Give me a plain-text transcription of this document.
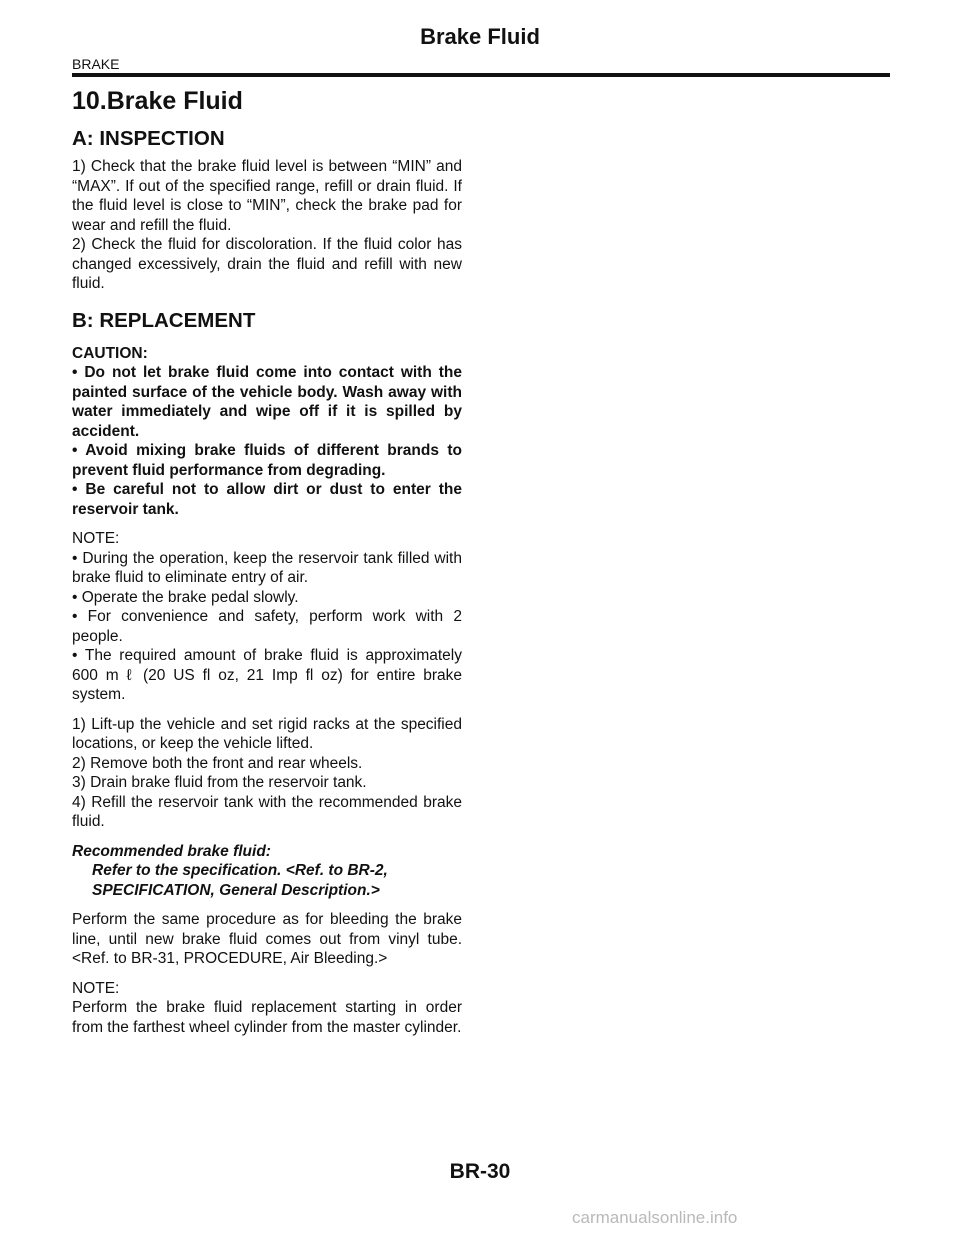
Brake Fluid
BRAKE
10.Brake Fluid
A: INSPECTION

1) Check that the brake fluid level is between “MIN” and “MAX”. If out of the specified range, refill or drain fluid. If the fluid level is close to “MIN”, check the brake pad for wear and refill the fluid.

2) Check the fluid for discoloration. If the fluid color has changed excessively, drain the fluid and refill with new fluid.

B: REPLACEMENT

CAUTION:

• Do not let brake fluid come into contact with the painted surface of the vehicle body. Wash away with water immediately and wipe off if it is spilled by accident.

• Avoid mixing brake fluids of different brands to prevent fluid performance from degrading.

• Be careful not to allow dirt or dust to enter the reservoir tank.

NOTE:

• During the operation, keep the reservoir tank filled with brake fluid to eliminate entry of air.

• Operate the brake pedal slowly.

• For convenience and safety, perform work with 2 people.

• The required amount of brake fluid is approximately 600 m ℓ (20 US fl oz, 21 Imp fl oz) for entire brake system.

1) Lift-up the vehicle and set rigid racks at the specified locations, or keep the vehicle lifted.

2) Remove both the front and rear wheels.

3) Drain brake fluid from the reservoir tank.

4) Refill the reservoir tank with the recommended brake fluid.

Recommended brake fluid:

Refer to the specification. <Ref. to BR-2, SPECIFICATION, General Description.>

Perform the same procedure as for bleeding the brake line, until new brake fluid comes out from vinyl tube. <Ref. to BR-31, PROCEDURE, Air Bleeding.>

NOTE:

Perform the brake fluid replacement starting in order from the farthest wheel cylinder from the master cylinder.

BR-30
carmanualsonline.info
